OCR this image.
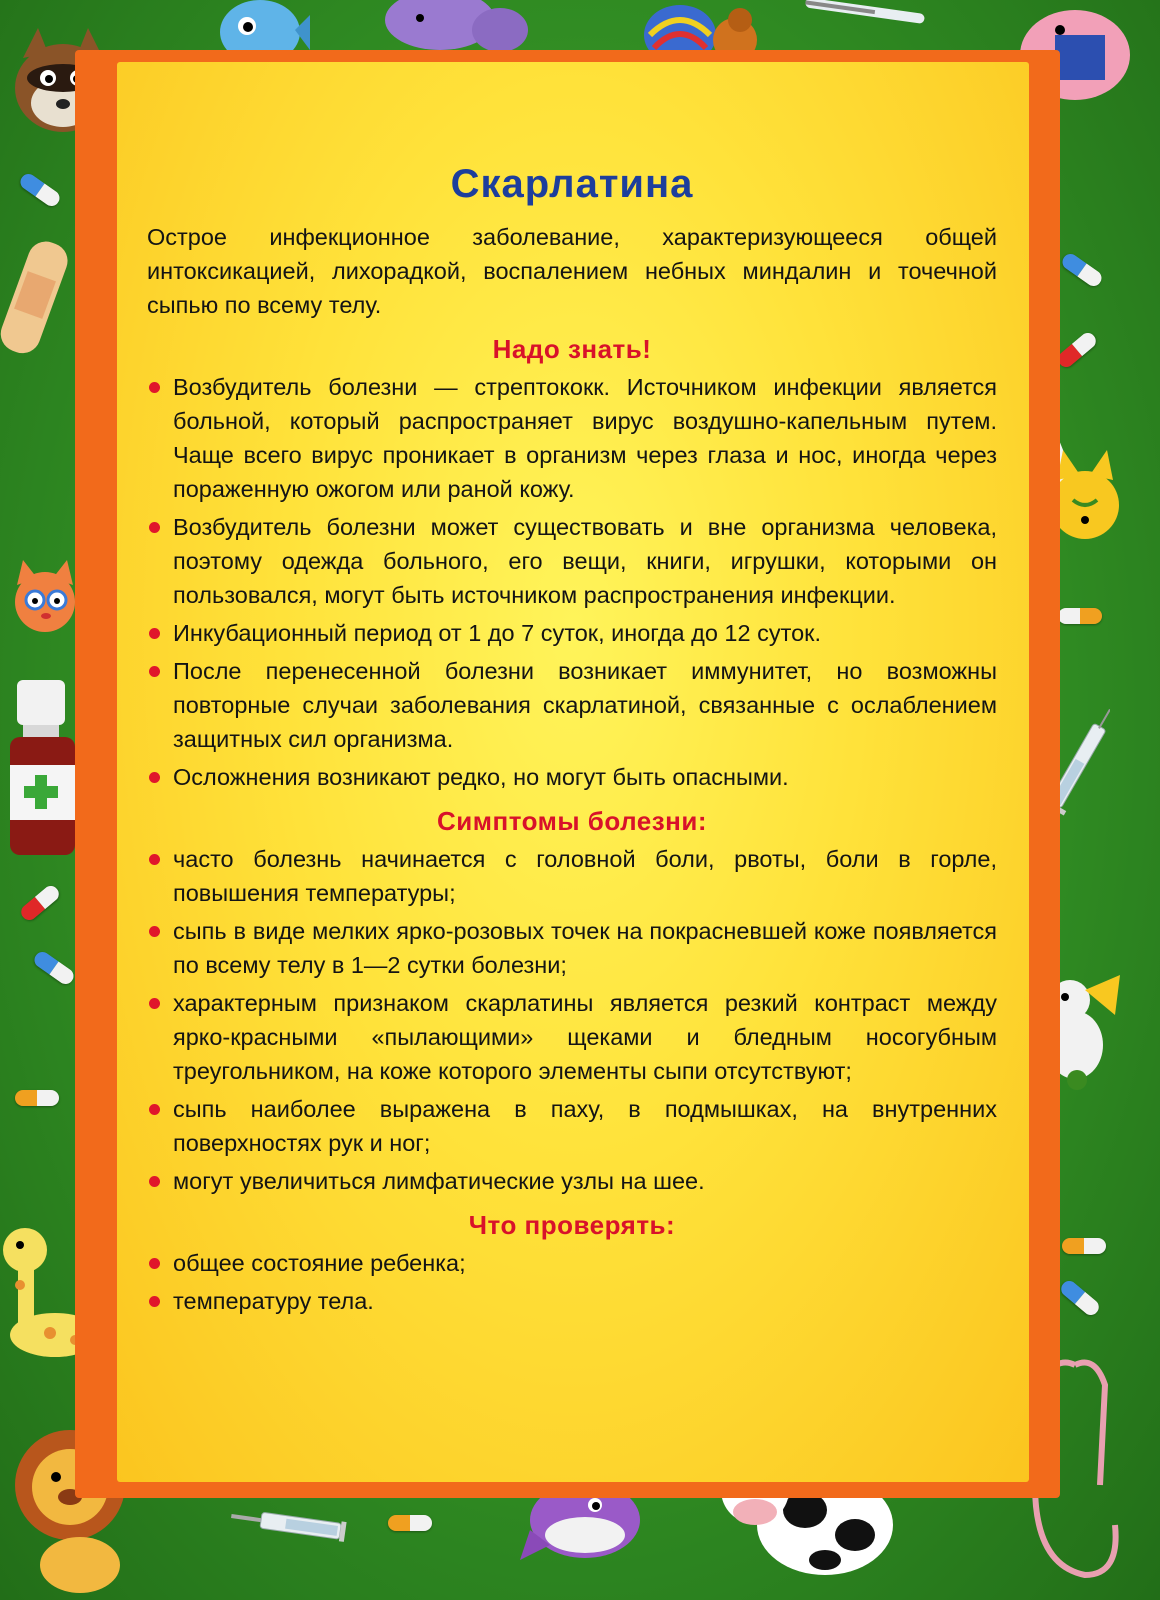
Скарлатина

Острое инфекционное заболевание, характеризующееся общей интоксикацией, лихорадкой, воспалением небных миндалин и точечной сыпью по всему телу.

Надо знать!
Возбудитель болезни — стрептококк. Источником инфекции является больной, который распространяет вирус воздушно-капельным путем. Чаще всего вирус проникает в организм через глаза и нос, иногда через пораженную ожогом или раной кожу.
Возбудитель болезни может существовать и вне организма человека, поэтому одежда больного, его вещи, книги, игрушки, которыми он пользовался, могут быть источником распространения инфекции.
Инкубационный период от 1 до 7 суток, иногда до 12 суток.
После перенесенной болезни возникает иммунитет, но возможны повторные случаи заболевания скарлатиной, связанные с ослаблением защитных сил организма.
Осложнения возникают редко, но могут быть опасными.
Симптомы болезни:
часто болезнь начинается с головной боли, рвоты, боли в горле, повышения температуры;
сыпь в виде мелких ярко-розовых точек на покрасневшей коже появляется по всему телу в 1—2 сутки болезни;
характерным признаком скарлатины является резкий контраст между ярко-красными «пылающими» щеками и бледным носогубным треугольником, на коже которого элементы сыпи отсутствуют;
сыпь наиболее выражена в паху, в подмышках, на внутренних поверхностях рук и ног;
могут увеличиться лимфатические узлы на шее.
Что проверять:
общее состояние ребенка;
температуру тела.
